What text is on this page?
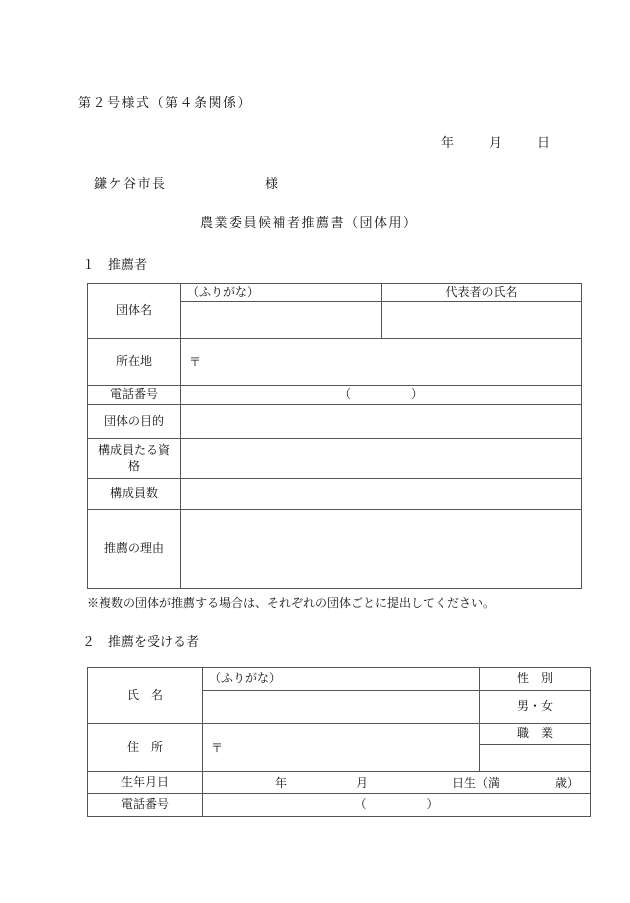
第２号様式（第４条関係）
年	月	日
鎌ケ谷市長	様
農業委員候補者推薦書（団体用）
１　推薦者
団体名	（ふりがな）	代表者の氏名

所在地	〒	

電話番号	（　　　　　）	
団体の目的		
構成員たる資格		
構成員数		
推薦の理由		
※複数の団体が推薦する場合は、それぞれの団体ごとに提出してください。
２　推薦を受ける者
氏　名	（ふりがな）	性　別
		男・女
住　所	〒	職　業

生年月日	年 月 日生（満 歳）	

電話番号	（　　　　　）	
